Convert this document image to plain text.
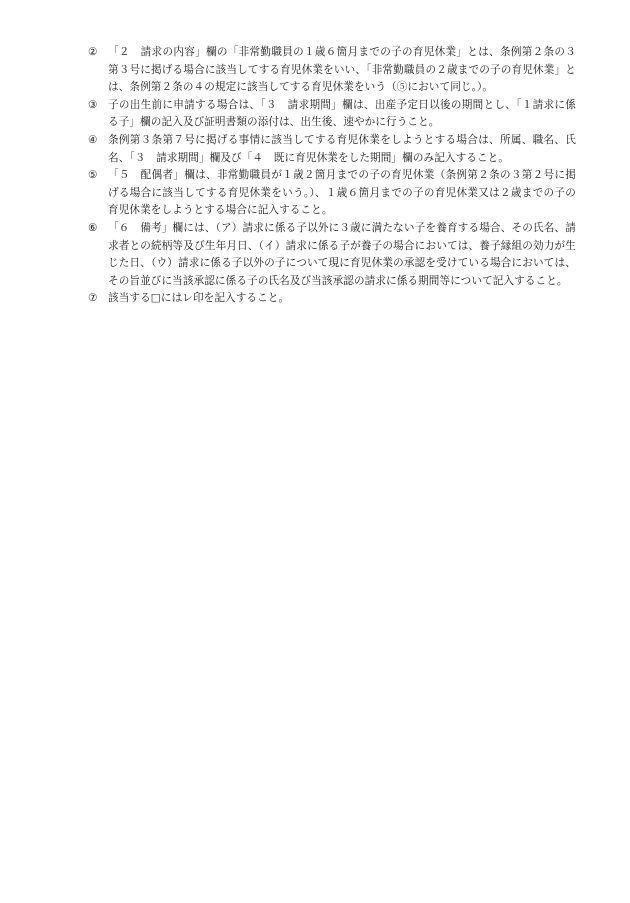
② 「２　請求の内容」欄の「非常勤職員の１歳６箇月までの子の育児休業」とは、条例第２条の３第３号に掲げる場合に該当してする育児休業をいい、「非常勤職員の２歳までの子の育児休業」とは、条例第２条の４の規定に該当してする育児休業をいう（⑤において同じ。）。
③ 子の出生前に申請する場合は、「３　請求期間」欄は、出産予定日以後の期間とし、「１請求に係る子」欄の記入及び証明書類の添付は、出生後、速やかに行うこと。
④ 条例第３条第７号に掲げる事情に該当してする育児休業をしようとする場合は、所属、職名、氏名、「３　請求期間」欄及び「４　既に育児休業をした期間」欄のみ記入すること。
⑤ 「５　配偶者」欄は、非常勤職員が１歳２箇月までの子の育児休業（条例第２条の３第２号に掲げる場合に該当してする育児休業をいう。）、１歳６箇月までの子の育児休業又は２歳までの子の育児休業をしようとする場合に記入すること。
⑥ 「６　備考」欄には、（ア）請求に係る子以外に３歳に満たない子を養育する場合、その氏名、請求者との続柄等及び生年月日、（イ）請求に係る子が養子の場合においては、養子縁組の効力が生じた日、（ウ）請求に係る子以外の子について現に育児休業の承認を受けている場合においては、その旨並びに当該承認に係る子の氏名及び当該承認の請求に係る期間等について記入すること。
⑦ 該当する□にはレ印を記入すること。
